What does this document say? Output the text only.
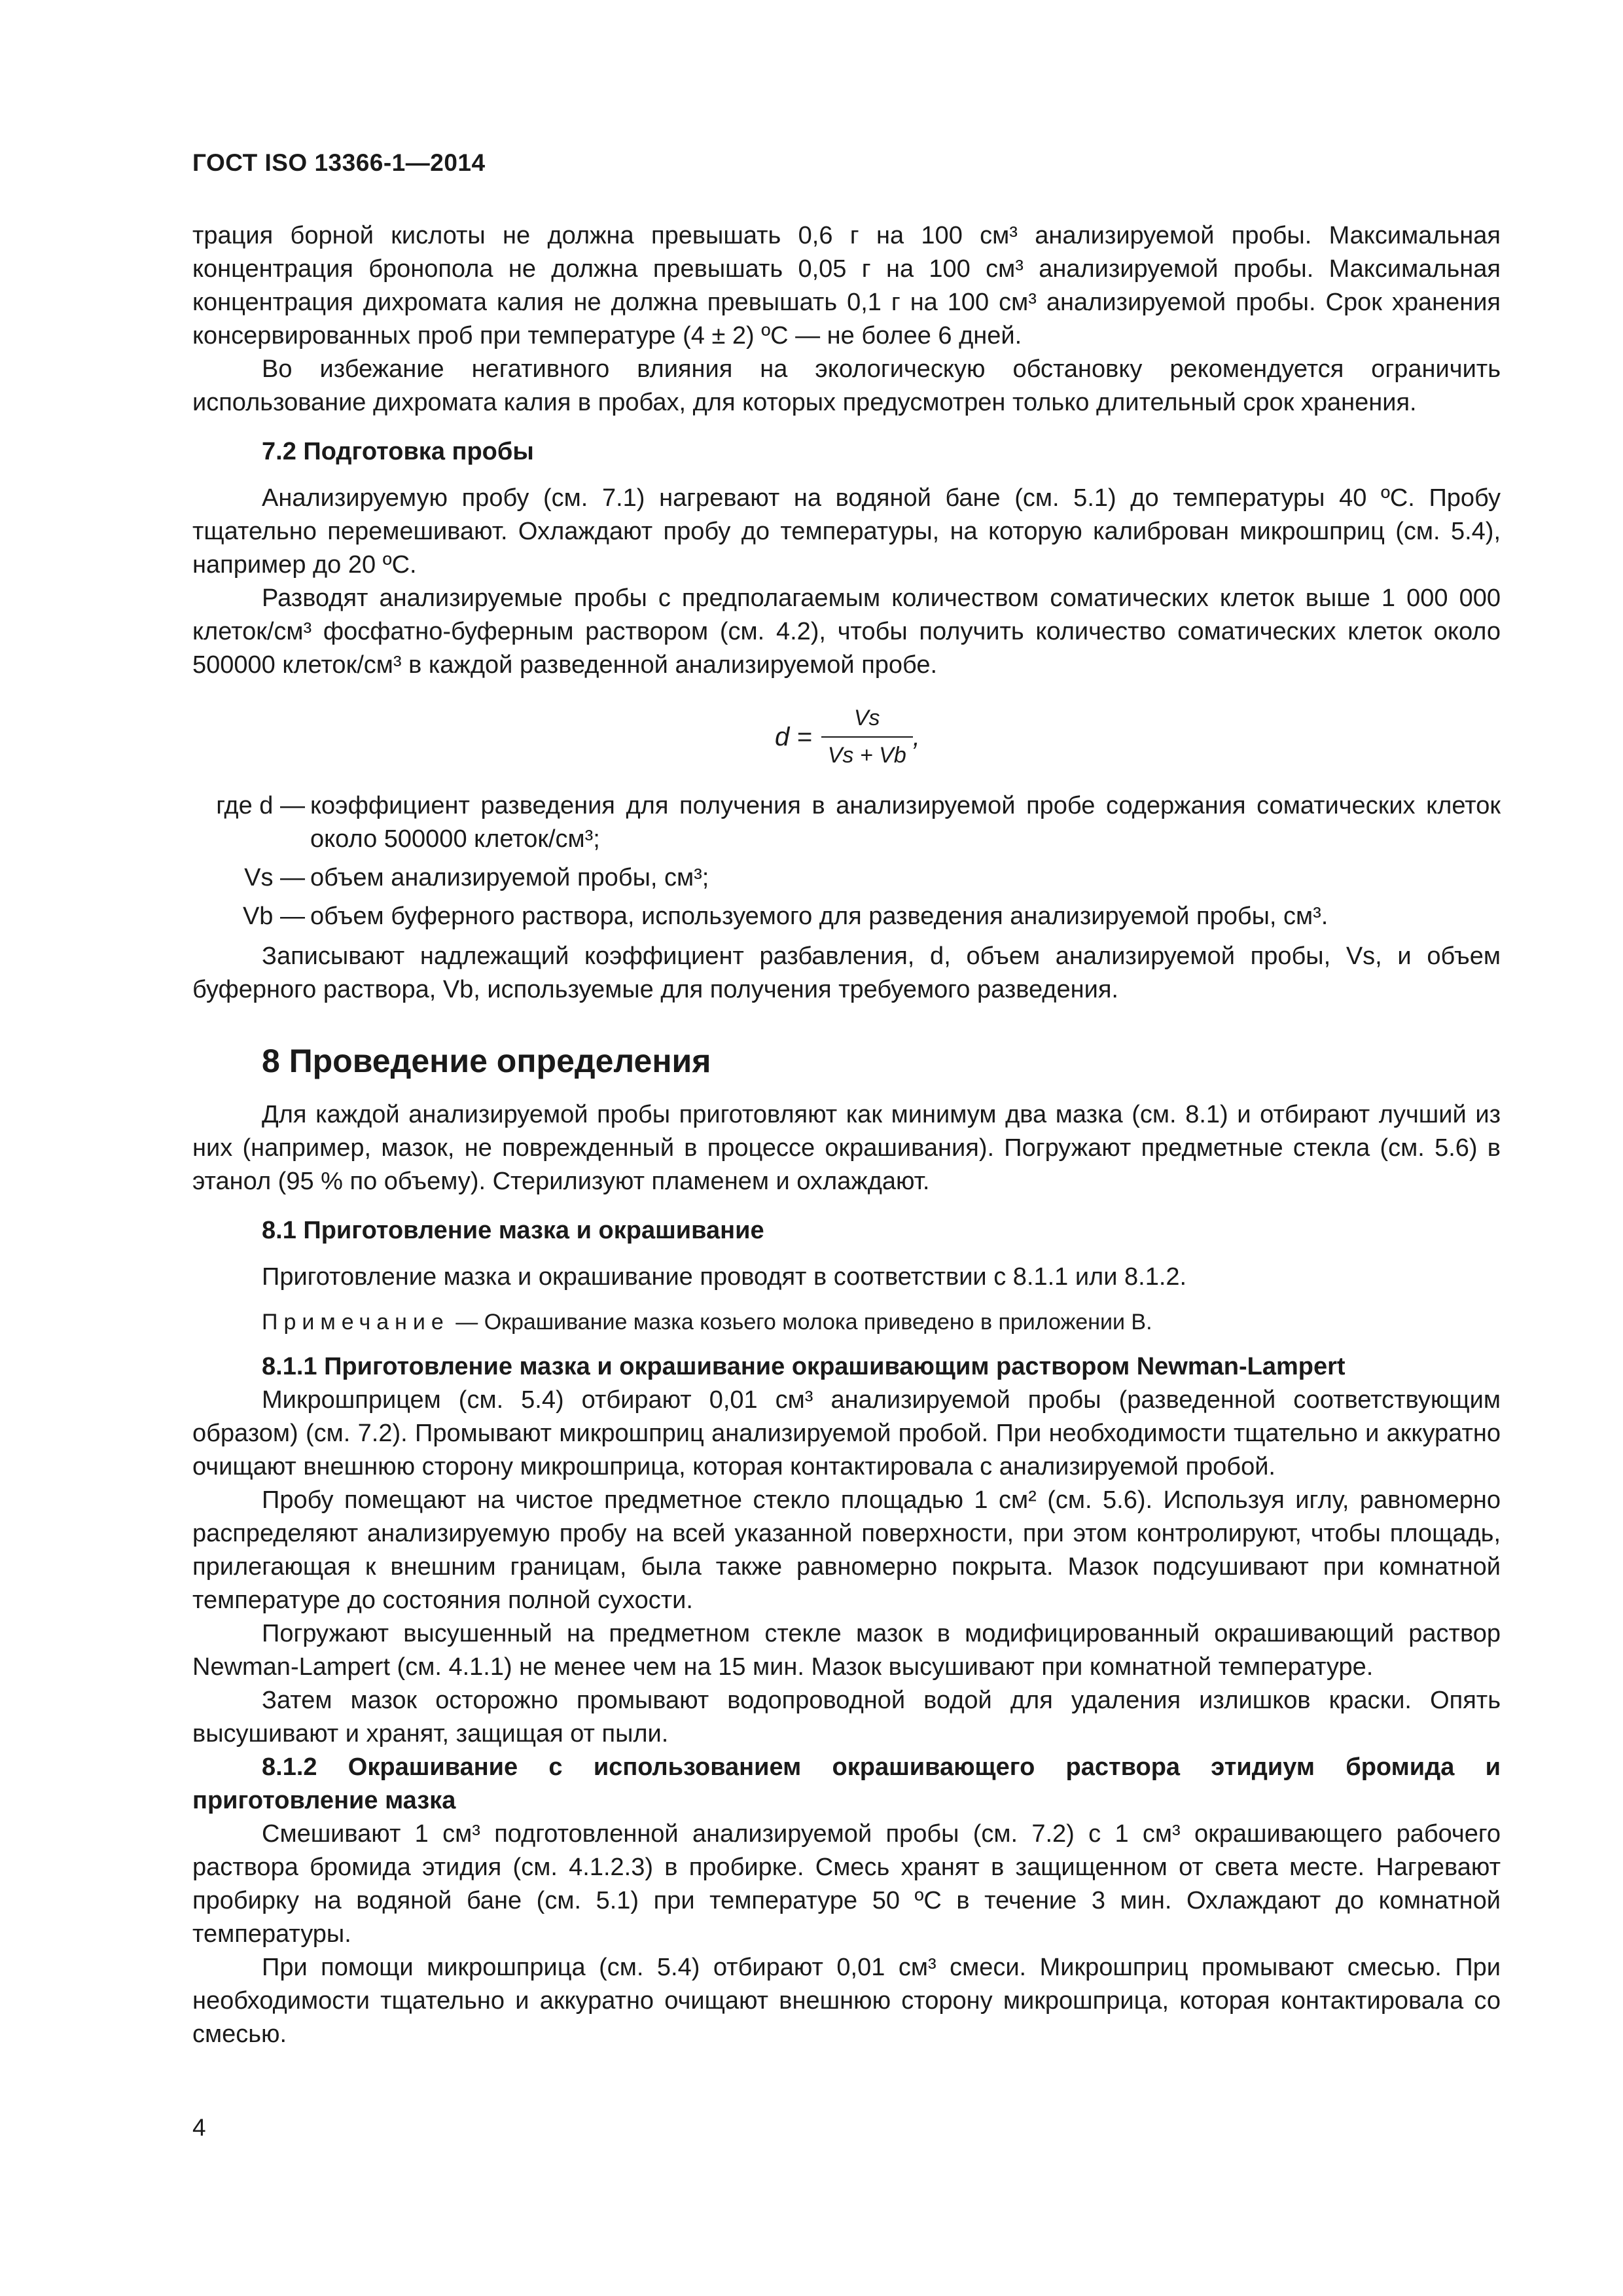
ГОСТ ISO 13366-1—2014

трация борной кислоты не должна превышать 0,6 г на 100 см³ анализируемой пробы. Максимальная концентрация бронопола не должна превышать 0,05 г на 100 см³ анализируемой пробы. Максимальная концентрация дихромата калия не должна превышать 0,1 г на 100 см³ анализируемой пробы. Срок хранения консервированных проб при температуре (4 ± 2) ºС — не более 6 дней.

Во избежание негативного влияния на экологическую обстановку рекомендуется ограничить использование дихромата калия в пробах, для которых предусмотрен только длительный срок хранения.

7.2 Подготовка пробы

Анализируемую пробу (см. 7.1) нагревают на водяной бане (см. 5.1) до температуры 40 ºС. Пробу тщательно перемешивают. Охлаждают пробу до температуры, на которую калиброван микрошприц (см. 5.4), например до 20 ºС.

Разводят анализируемые пробы с предполагаемым количеством соматических клеток выше 1 000 000 клеток/см³ фосфатно-буферным раствором (см. 4.2), чтобы получить количество соматических клеток около 500000 клеток/см³ в каждой разведенной анализируемой пробе.

$d = \frac{Vs}{Vs + Vb}$ ,
где d — коэффициент разведения для получения в анализируемой пробе содержания соматических клеток около 500000 клеток/см³;
Vs — объем анализируемой пробы, см³;
Vb — объем буферного раствора, используемого для разведения анализируемой пробы, см³.

Записывают надлежащий коэффициент разбавления, d, объем анализируемой пробы, Vs, и объем буферного раствора, Vb, используемые для получения требуемого разведения.

8 Проведение определения

Для каждой анализируемой пробы приготовляют как минимум два мазка (см. 8.1) и отбирают лучший из них (например, мазок, не поврежденный в процессе окрашивания). Погружают предметные стекла (см. 5.6) в этанол (95 % по объему). Стерилизуют пламенем и охлаждают.

8.1 Приготовление мазка и окрашивание

Приготовление мазка и окрашивание проводят в соответствии с 8.1.1 или 8.1.2.

Примечание — Окрашивание мазка козьего молока приведено в приложении В.

8.1.1 Приготовление мазка и окрашивание окрашивающим раствором Newman-Lampert

Микрошприцем (см. 5.4) отбирают 0,01 см³ анализируемой пробы (разведенной соответствующим образом) (см. 7.2). Промывают микрошприц анализируемой пробой. При необходимости тщательно и аккуратно очищают внешнюю сторону микрошприца, которая контактировала с анализируемой пробой.

Пробу помещают на чистое предметное стекло площадью 1 см² (см. 5.6). Используя иглу, равномерно распределяют анализируемую пробу на всей указанной поверхности, при этом контролируют, чтобы площадь, прилегающая к внешним границам, была также равномерно покрыта. Мазок подсушивают при комнатной температуре до состояния полной сухости.

Погружают высушенный на предметном стекле мазок в модифицированный окрашивающий раствор Newman-Lampert (см. 4.1.1) не менее чем на 15 мин. Мазок высушивают при комнатной температуре.

Затем мазок осторожно промывают водопроводной водой для удаления излишков краски. Опять высушивают и хранят, защищая от пыли.

8.1.2 Окрашивание с использованием окрашивающего раствора этидиум бромида и приготовление мазка

Смешивают 1 см³ подготовленной анализируемой пробы (см. 7.2) с 1 см³ окрашивающего рабочего раствора бромида этидия (см. 4.1.2.3) в пробирке. Смесь хранят в защищенном от света месте. Нагревают пробирку на водяной бане (см. 5.1) при температуре 50 ºС в течение 3 мин. Охлаждают до комнатной температуры.

При помощи микрошприца (см. 5.4) отбирают 0,01 см³ смеси. Микрошприц промывают смесью. При необходимости тщательно и аккуратно очищают внешнюю сторону микрошприца, которая контактировала со смесью.

4
